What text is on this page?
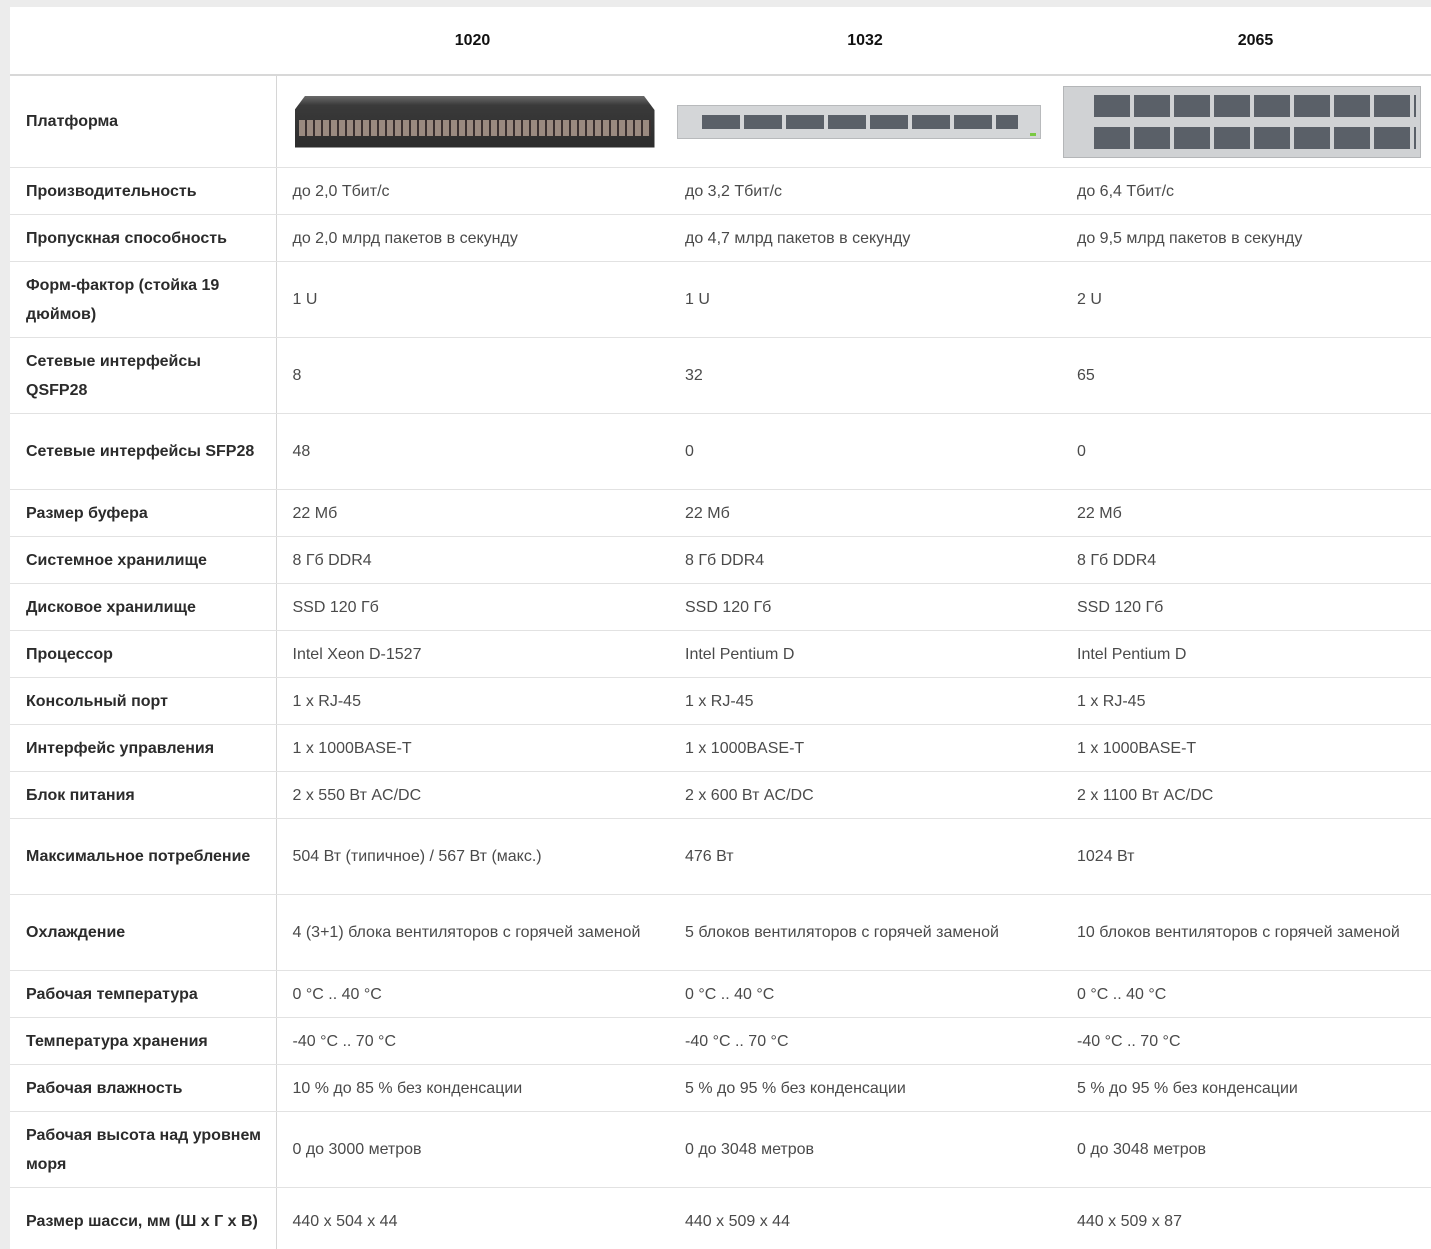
	1020	1032	2065
Платформа	

Производительность	до 2,0 Тбит/с	до 3,2 Тбит/с	до 6,4 Тбит/с
Пропускная способность	до 2,0 млрд пакетов в секунду	до 4,7 млрд пакетов в секунду	до 9,5 млрд пакетов в секунду
Форм-фактор (стойка 19 дюймов)	1 U	1 U	2 U
Сетевые интерфейсы QSFP28	8	32	65
Сетевые интерфейсы SFP28	48	0	0
Размер буфера	22 Мб	22 Мб	22 Мб
Системное хранилище	8 Гб DDR4	8 Гб DDR4	8 Гб DDR4
Дисковое хранилище	SSD 120 Гб	SSD 120 Гб	SSD 120 Гб
Процессор	Intel Xeon D-1527	Intel Pentium D	Intel Pentium D
Консольный порт	1 x RJ-45	1 x RJ-45	1 x RJ-45
Интерфейс управления	1 x 1000BASE-T	1 x 1000BASE-T	1 x 1000BASE-T
Блок питания	2 x 550 Вт AC/DC	2 x 600 Вт AC/DC	2 x 1100 Вт AC/DC
Максимальное потребление	504 Вт (типичное) / 567 Вт (макс.)	476 Вт	1024 Вт
Охлаждение	4 (3+1) блока вентиляторов с горячей заменой	5 блоков вентиляторов с горячей заменой	10 блоков вентиляторов с горячей заменой
Рабочая температура	0 °C .. 40 °C	0 °C .. 40 °C	0 °C .. 40 °C
Температура хранения	-40 °C .. 70 °C	-40 °C .. 70 °C	-40 °C .. 70 °C
Рабочая влажность	10 % до 85 % без конденсации	5 % до 95 % без конденсации	5 % до 95 % без конденсации
Рабочая высота над уровнем моря	0 до 3000 метров	0 до 3048 метров	0 до 3048 метров
Размер шасси, мм (Ш x Г x В)	440 x 504 x 44	440 x 509 x 44	440 x 509 x 87
